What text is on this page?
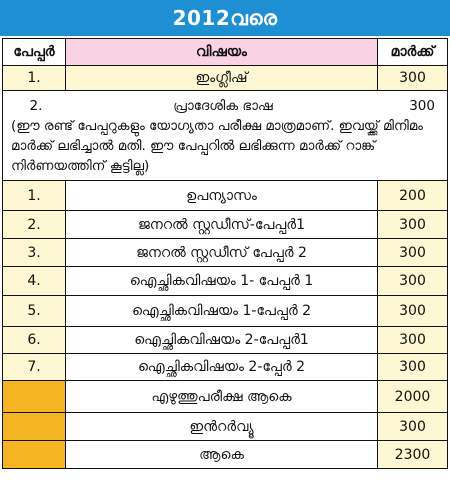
2012വരെ
പേപ്പർ	വിഷയം	മാർക്ക്
1.	ഇംഗ്ലീഷ്	300

2. പ്രാദേശിക ഭാഷ 300
(ഈ രണ്ട് പേപ്പറുകളും യോഗ്യതാ പരീക്ഷ മാത്രമാണ്. ഇവയ്ക്ക് മിനിമം മാർക്ക് ലഭിച്ചാൽ മതി. ഈ പേപ്പറിൽ ലഭിക്കുന്ന മാർക്ക് റാങ്ക് നിർണയത്തിന് കൂട്ടില്ല)		

1.	ഉപന്യാസം	200
2.	ജനറൽ സ്റ്റഡീസ്-പേപ്പർ1	300
3.	ജനറൽ സ്റ്റഡീസ് പേപ്പർ 2	300
4.	ഐച്ഛികവിഷയം 1- പേപ്പർ 1	300
5.	ഐച്ഛികവിഷയം 1-പേപ്പർ 2	300
6.	ഐച്ഛികവിഷയം 2-പേപ്പർ1	300
7.	ഐച്ഛികവിഷയം 2-പ്പേർ 2	300
	എഴുത്തുപരീക്ഷ ആകെ	2000
	ഇൻറർവ്യൂ	300
	ആകെ	2300
